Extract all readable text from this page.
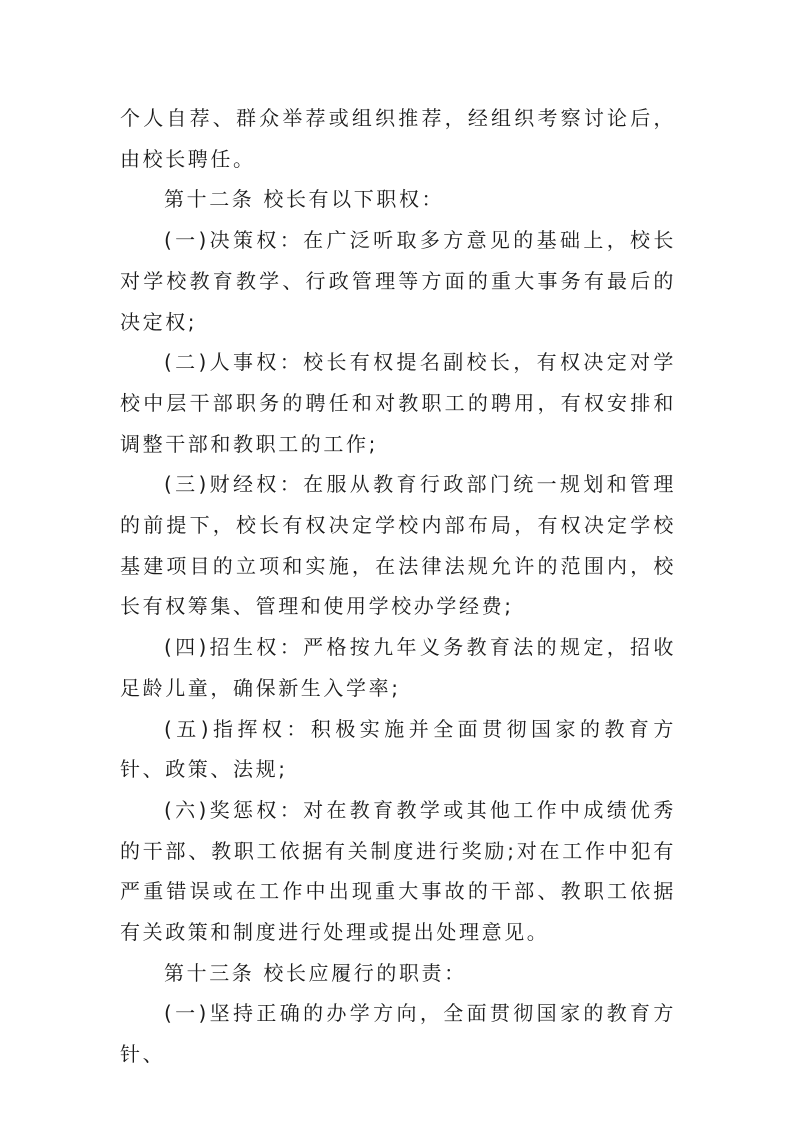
个人自荐、群众举荐或组织推荐，经组织考察讨论后，由校长聘任。

第十二条 校长有以下职权：

(一)决策权：在广泛听取多方意见的基础上，校长对学校教育教学、行政管理等方面的重大事务有最后的决定权;

(二)人事权：校长有权提名副校长，有权决定对学校中层干部职务的聘任和对教职工的聘用，有权安排和调整干部和教职工的工作;

(三)财经权：在服从教育行政部门统一规划和管理的前提下，校长有权决定学校内部布局，有权决定学校基建项目的立项和实施，在法律法规允许的范围内，校长有权筹集、管理和使用学校办学经费;

(四)招生权：严格按九年义务教育法的规定，招收足龄儿童，确保新生入学率;

(五)指挥权：积极实施并全面贯彻国家的教育方针、政策、法规;

(六)奖惩权：对在教育教学或其他工作中成绩优秀的干部、教职工依据有关制度进行奖励;对在工作中犯有严重错误或在工作中出现重大事故的干部、教职工依据有关政策和制度进行处理或提出处理意见。

第十三条 校长应履行的职责：

(一)坚持正确的办学方向，全面贯彻国家的教育方针、
